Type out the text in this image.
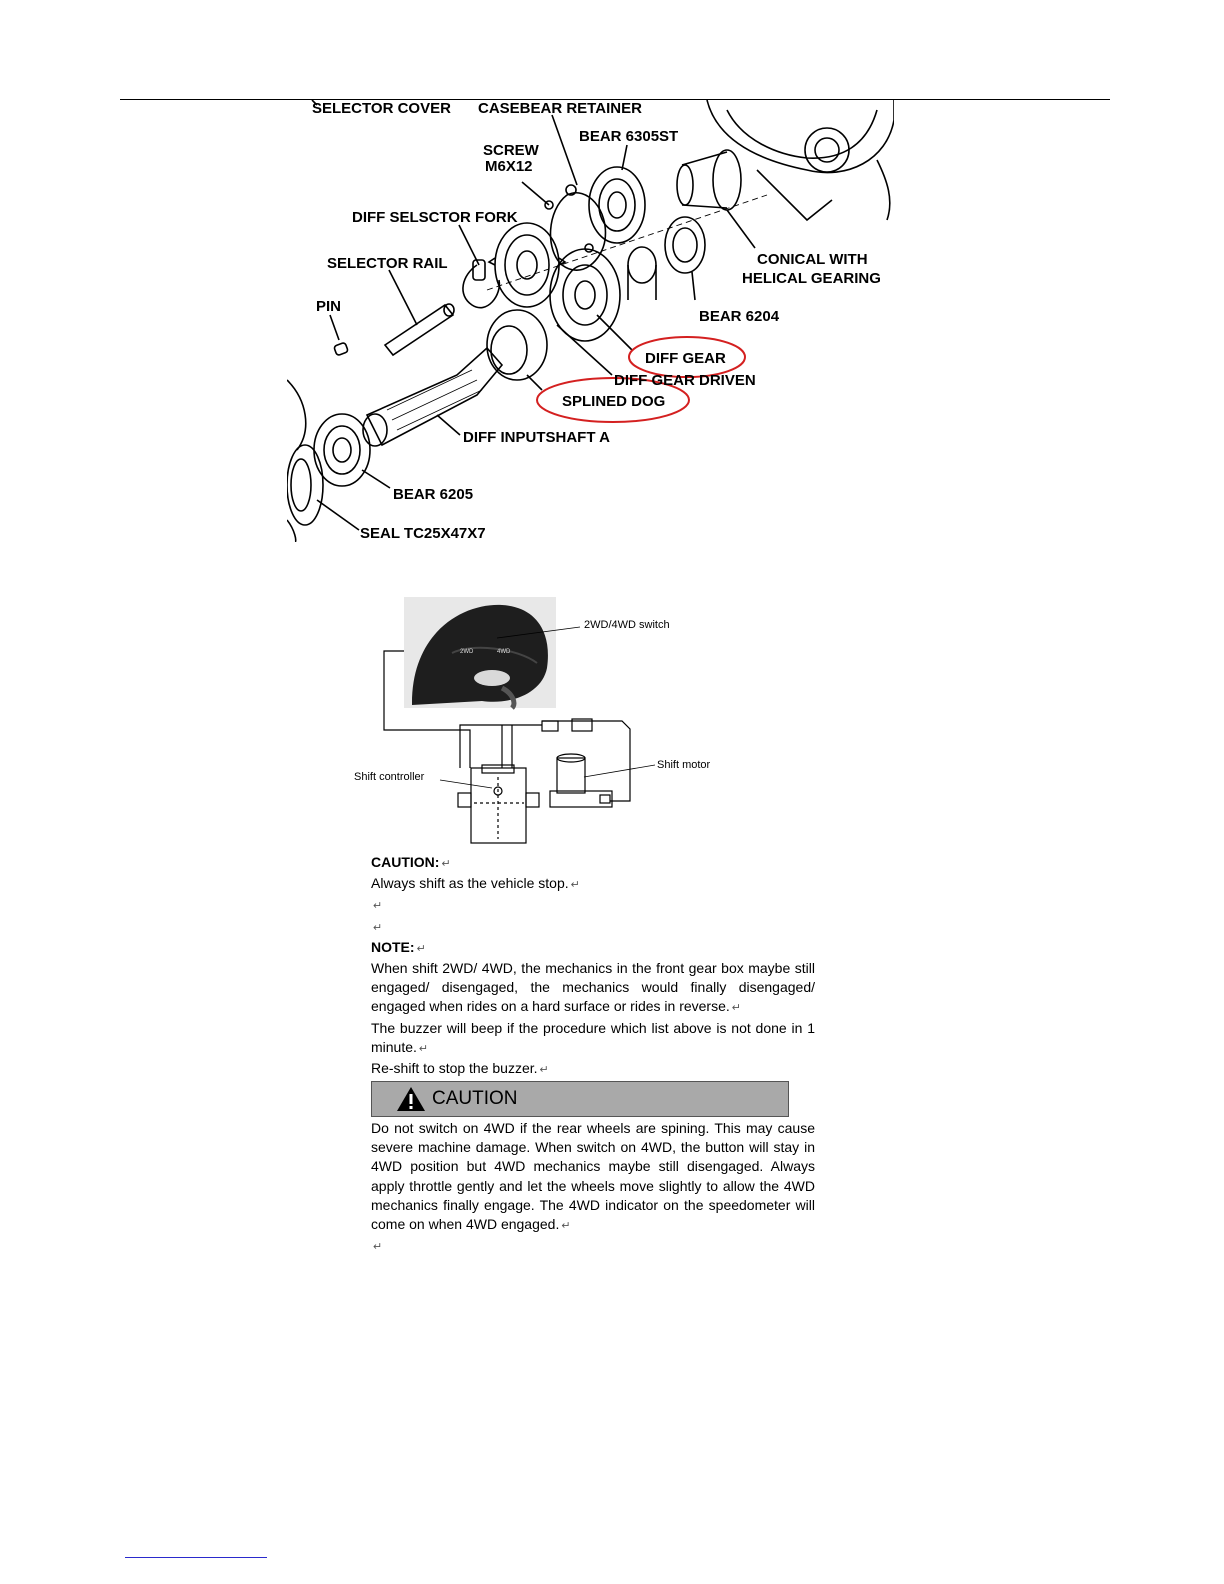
SELECTOR COVER CASEBEAR RETAINER
BEAR 6305ST
SCREW
M6X12
DIFF SELSCTOR FORK
SELECTOR RAIL	CONICAL WITH
HELICAL GEARING
PIN
BEAR 6204
DIFF GEAR
DIFF GEAR DRIVEN
SPLINED DOG
DIFF INPUTSHAFT A
BEAR 6205
SEAL TC25X47X7
2WD	4WD
2WD/4WD switch
Shift controller
Shift motor

CAUTION: ↵

Always shift as the vehicle stop. ↵

↵

↵

NOTE: ↵

When shift 2WD/ 4WD, the mechanics in the front gear box maybe still engaged/ disengaged, the mechanics would finally disengaged/ engaged when rides on a hard surface or rides in reverse. ↵

The buzzer will beep if the procedure which list above is not done in 1 minute. ↵

Re-shift to stop the buzzer. ↵

CAUTION

Do not switch on 4WD if the rear wheels are spining. This may cause severe machine damage. When switch on 4WD, the button will stay in 4WD position but 4WD mechanics maybe still disengaged. Always apply throttle gently and let the wheels move slightly to allow the 4WD mechanics finally engage. The 4WD indicator on the speedometer will come on when 4WD engaged. ↵

↵
